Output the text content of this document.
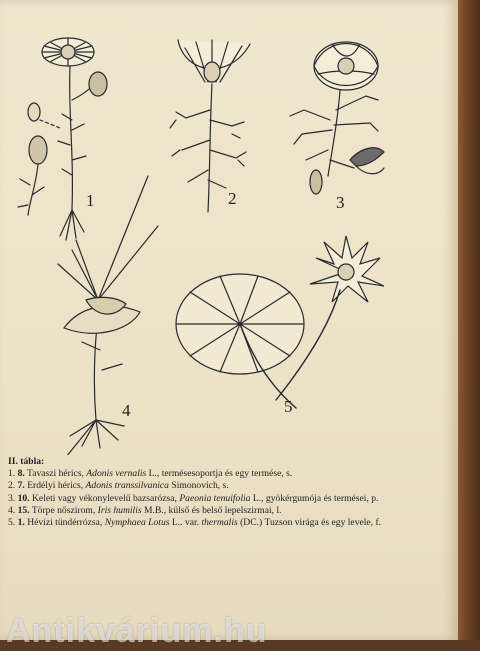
1	2	3
4	5
II. tábla:
1. 8. Tavaszi hérics, Adonis vernalis L., termésesoportja és egy termése, s.
2. 7. Erdélyi hérics, Adonis transsilvanica Simonovich, s.
3. 10. Keleti vagy vékonylevelű bazsarózsa, Paeonia tenuifolia L., gyökérgumója és termései, p.
4. 15. Törpe nőszirom, Iris humilis M.B., külső és belső lepelszirmai, l.
5. 1. Hévízi tündérrózsa, Nymphaea Lotus L.. var. thermalis (DC.) Tuzson virága és egy levele, f.
Antikvárium.hu
